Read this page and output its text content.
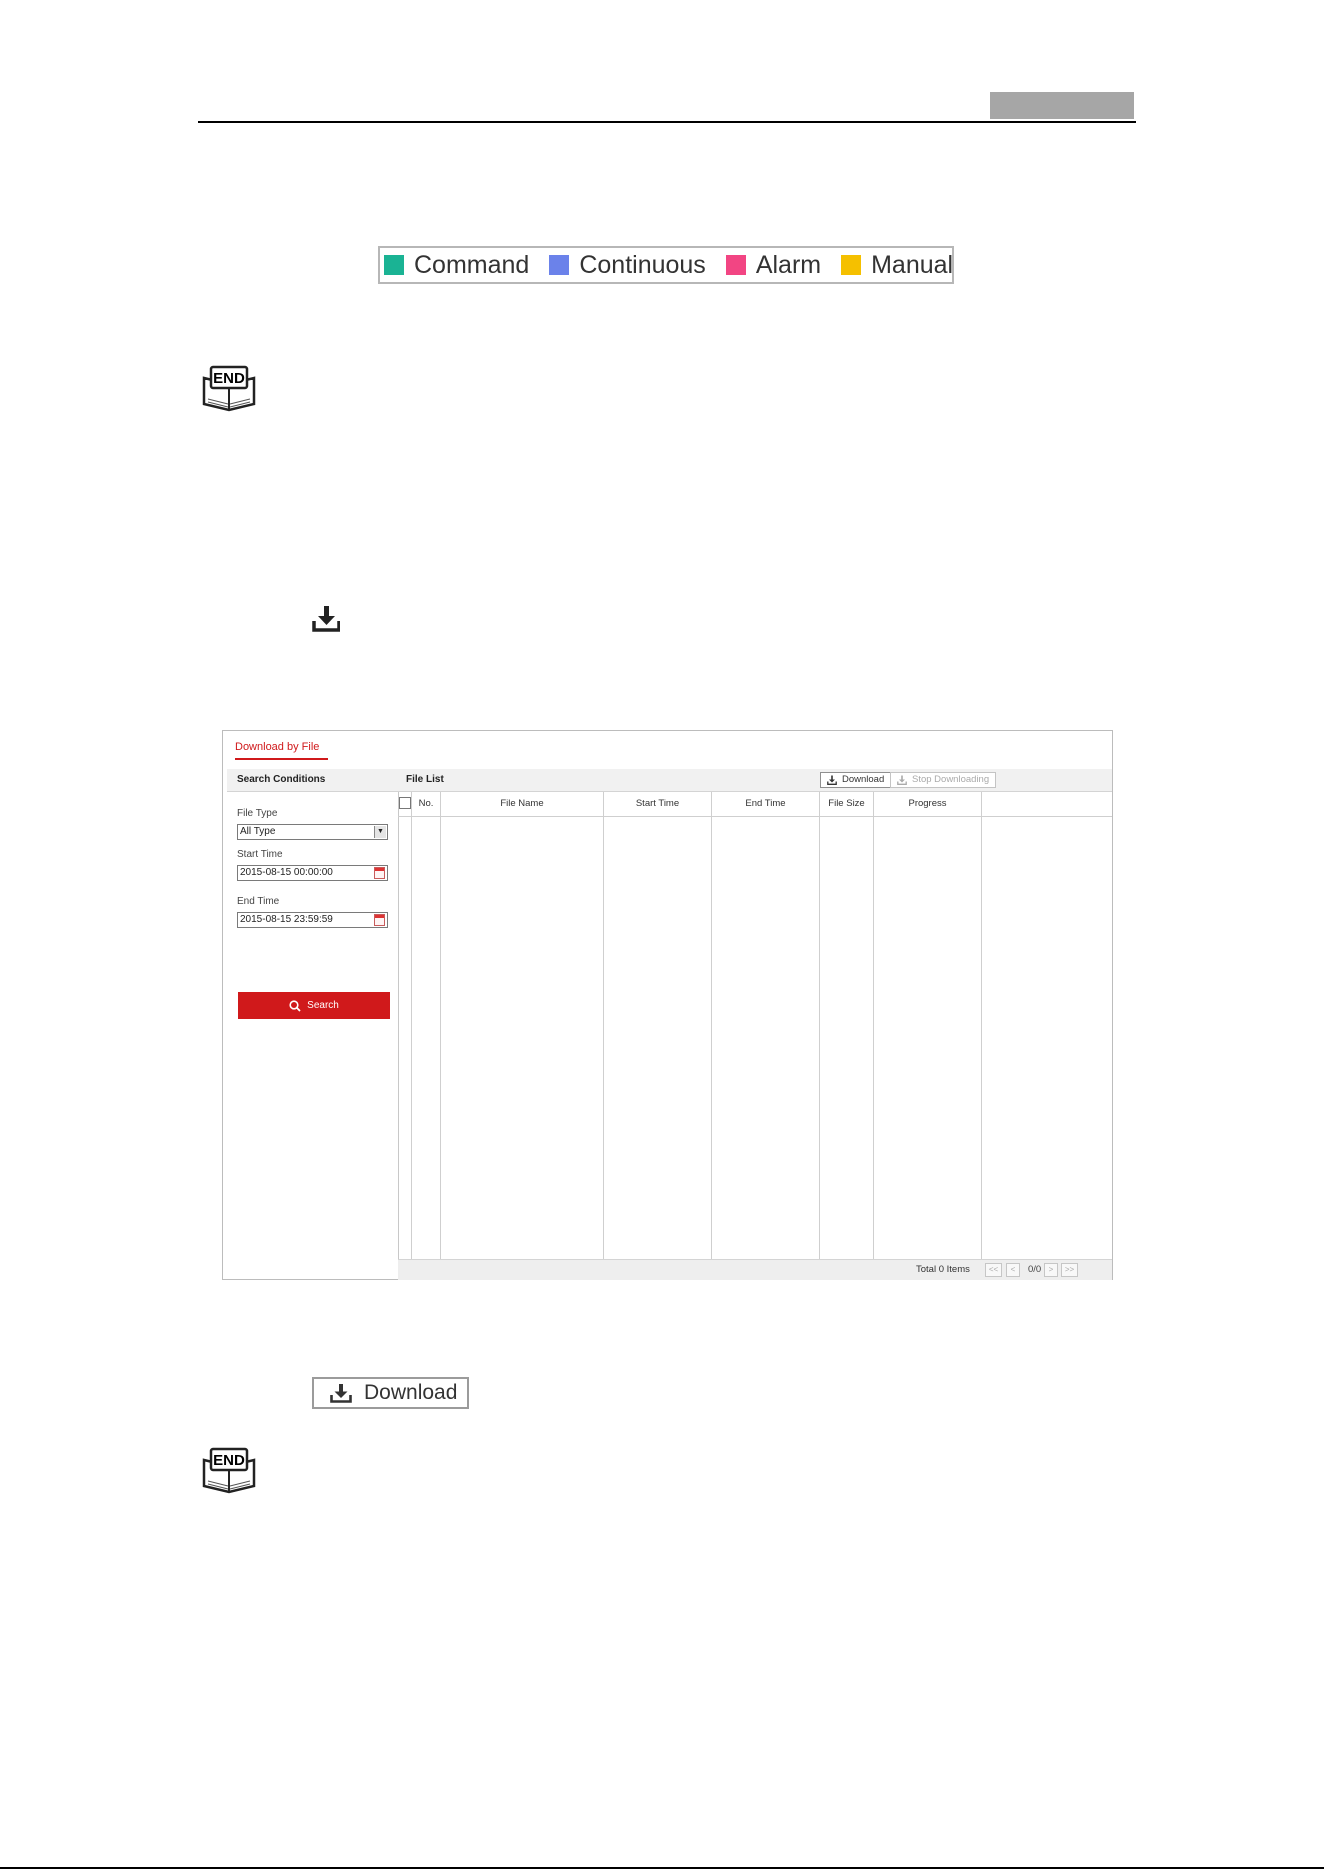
Command Continuous Alarm Manual
END
Download by File
Search Conditions
File Type
All Type	▼
Start Time
2015-08-15 00:00:00
End Time
2015-08-15 23:59:59
Search
File List	Download	Stop Downloading
No.	File Name	Start Time	End Time	File Size	Progress
Total 0 Items	<<	<	0/0 >	>>
Download
END
